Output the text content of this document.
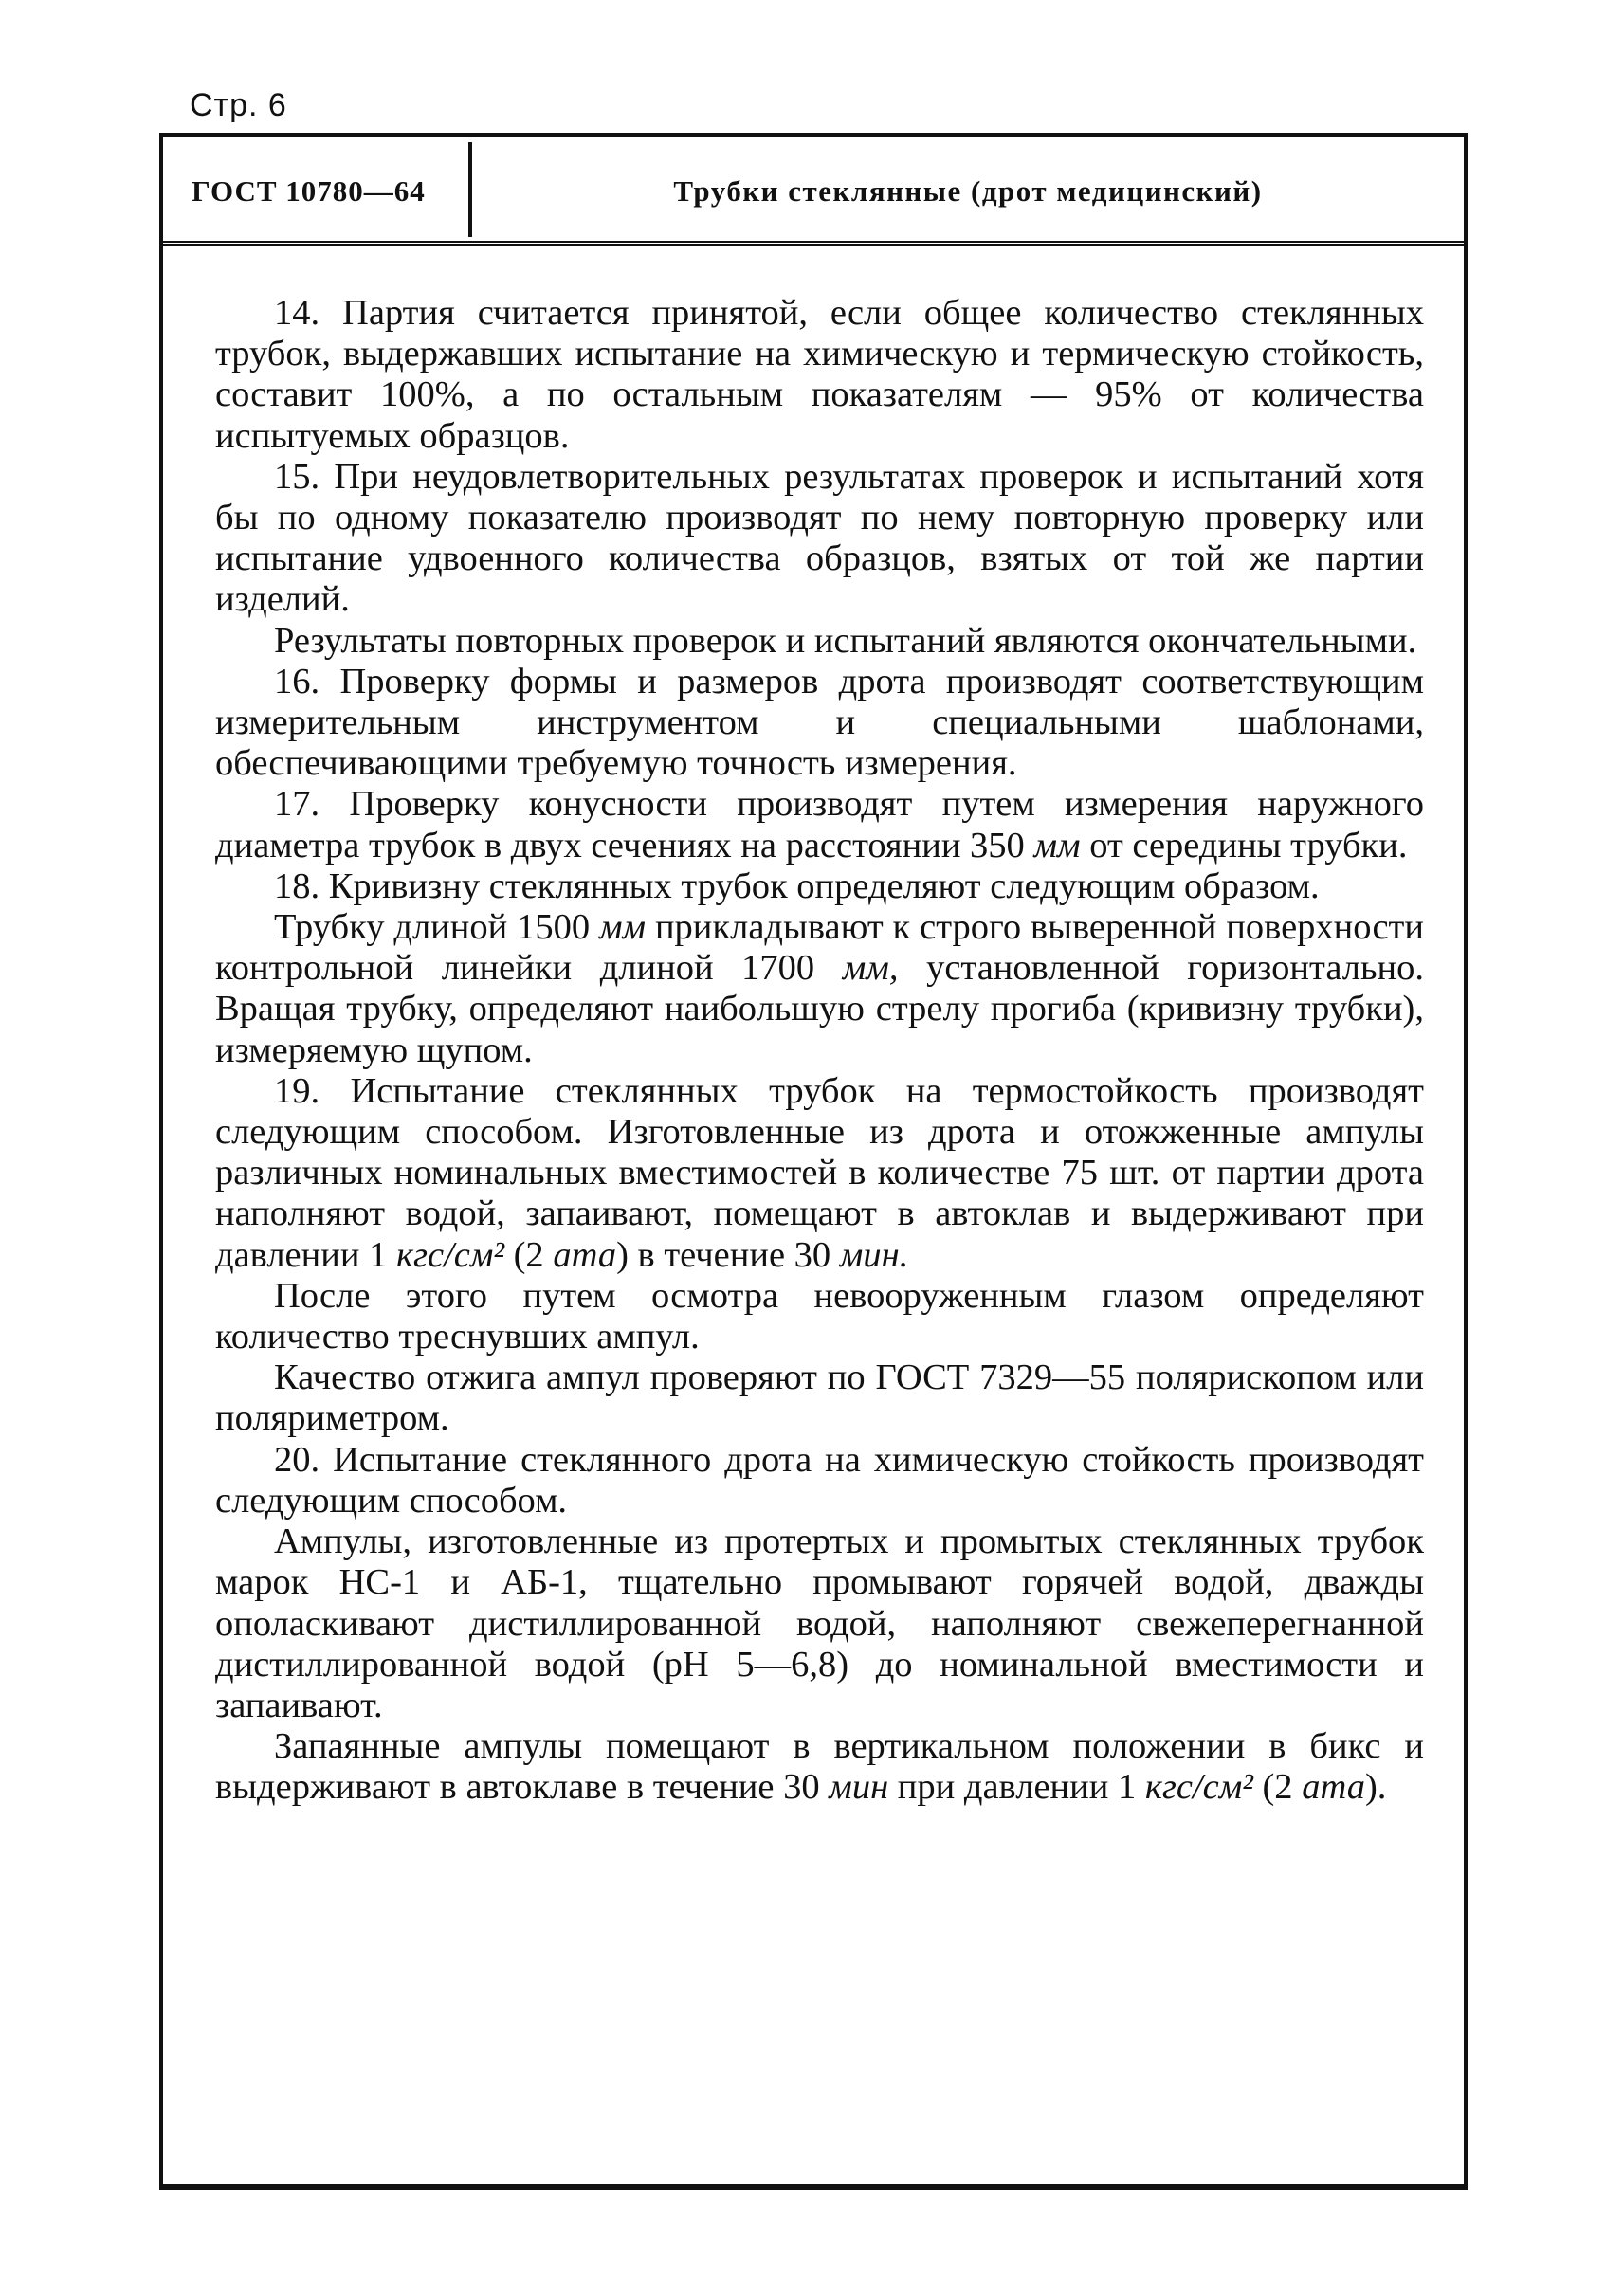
Стр. 6
ГОСТ 10780—64	Трубки стеклянные (дрот медицинский)

14. Партия считается принятой, если общее количество стеклянных трубок, выдержавших испытание на химическую и термическую стойкость, составит 100%, а по остальным показателям — 95% от количества испытуемых образцов.

15. При неудовлетворительных результатах проверок и испытаний хотя бы по одному показателю производят по нему повторную проверку или испытание удвоенного количества образцов, взятых от той же партии изделий.

Результаты повторных проверок и испытаний являются окончательными.

16. Проверку формы и размеров дрота производят соответствующим измерительным инструментом и специальными шаблонами, обеспечивающими требуемую точность измерения.

17. Проверку конусности производят путем измерения наружного диаметра трубок в двух сечениях на расстоянии 350 мм от середины трубки.

18. Кривизну стеклянных трубок определяют следующим образом.

Трубку длиной 1500 мм прикладывают к строго выверенной поверхности контрольной линейки длиной 1700 мм, установленной горизонтально. Вращая трубку, определяют наибольшую стрелу прогиба (кривизну трубки), измеряемую щупом.

19. Испытание стеклянных трубок на термостойкость производят следующим способом. Изготовленные из дрота и отожженные ампулы различных номинальных вместимостей в количестве 75 шт. от партии дрота наполняют водой, запаивают, помещают в автоклав и выдерживают при давлении 1 кгс/см² (2 ата) в течение 30 мин.

После этого путем осмотра невооруженным глазом определяют количество треснувших ампул.

Качество отжига ампул проверяют по ГОСТ 7329—55 полярископом или поляриметром.

20. Испытание стеклянного дрота на химическую стойкость производят следующим способом.

Ампулы, изготовленные из протертых и промытых стеклянных трубок марок НС-1 и АБ-1, тщательно промывают горячей водой, дважды ополаскивают дистиллированной водой, наполняют свежеперегнанной дистиллированной водой (рН 5—6,8) до номинальной вместимости и запаивают.

Запаянные ампулы помещают в вертикальном положении в бикс и выдерживают в автоклаве в течение 30 мин при давлении 1 кгс/см² (2 ата).
